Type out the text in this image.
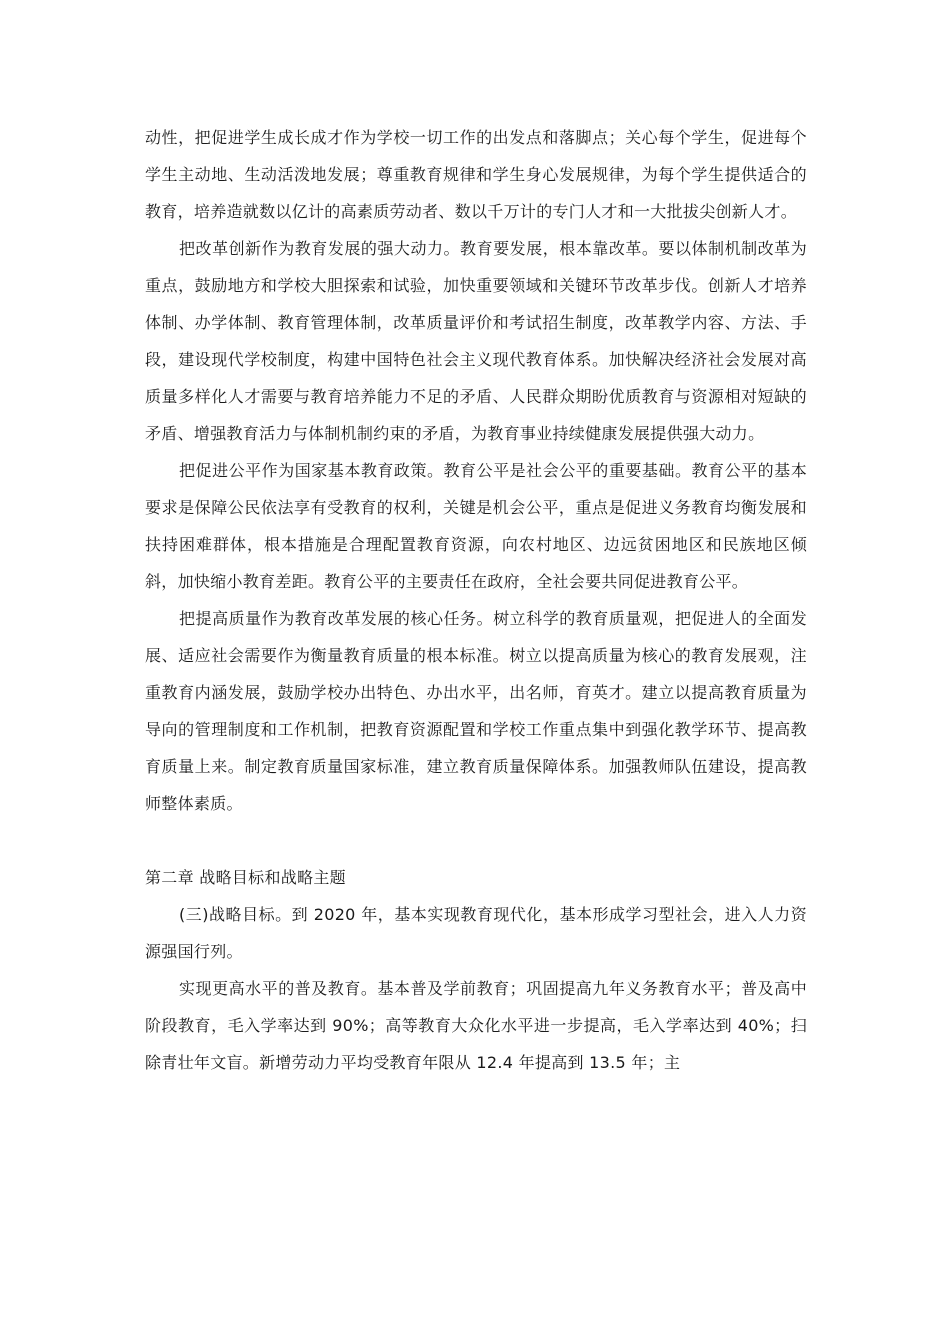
动性，把促进学生成长成才作为学校一切工作的出发点和落脚点；关心每个学生，促进每个学生主动地、生动活泼地发展；尊重教育规律和学生身心发展规律，为每个学生提供适合的教育，培养造就数以亿计的高素质劳动者、数以千万计的专门人才和一大批拔尖创新人才。

把改革创新作为教育发展的强大动力。教育要发展，根本靠改革。要以体制机制改革为重点，鼓励地方和学校大胆探索和试验，加快重要领域和关键环节改革步伐。创新人才培养体制、办学体制、教育管理体制，改革质量评价和考试招生制度，改革教学内容、方法、手段，建设现代学校制度，构建中国特色社会主义现代教育体系。加快解决经济社会发展对高质量多样化人才需要与教育培养能力不足的矛盾、人民群众期盼优质教育与资源相对短缺的矛盾、增强教育活力与体制机制约束的矛盾，为教育事业持续健康发展提供强大动力。

把促进公平作为国家基本教育政策。教育公平是社会公平的重要基础。教育公平的基本要求是保障公民依法享有受教育的权利，关键是机会公平，重点是促进义务教育均衡发展和扶持困难群体，根本措施是合理配置教育资源，向农村地区、边远贫困地区和民族地区倾斜，加快缩小教育差距。教育公平的主要责任在政府，全社会要共同促进教育公平。

把提高质量作为教育改革发展的核心任务。树立科学的教育质量观，把促进人的全面发展、适应社会需要作为衡量教育质量的根本标准。树立以提高质量为核心的教育发展观，注重教育内涵发展，鼓励学校办出特色、办出水平，出名师，育英才。建立以提高教育质量为导向的管理制度和工作机制，把教育资源配置和学校工作重点集中到强化教学环节、提高教育质量上来。制定教育质量国家标准，建立教育质量保障体系。加强教师队伍建设，提高教师整体素质。

第二章 战略目标和战略主题

(三)战略目标。到 2020 年，基本实现教育现代化，基本形成学习型社会，进入人力资源强国行列。

实现更高水平的普及教育。基本普及学前教育；巩固提高九年义务教育水平；普及高中阶段教育，毛入学率达到 90%；高等教育大众化水平进一步提高，毛入学率达到 40%；扫除青壮年文盲。新增劳动力平均受教育年限从 12.4 年提高到 13.5 年；主
